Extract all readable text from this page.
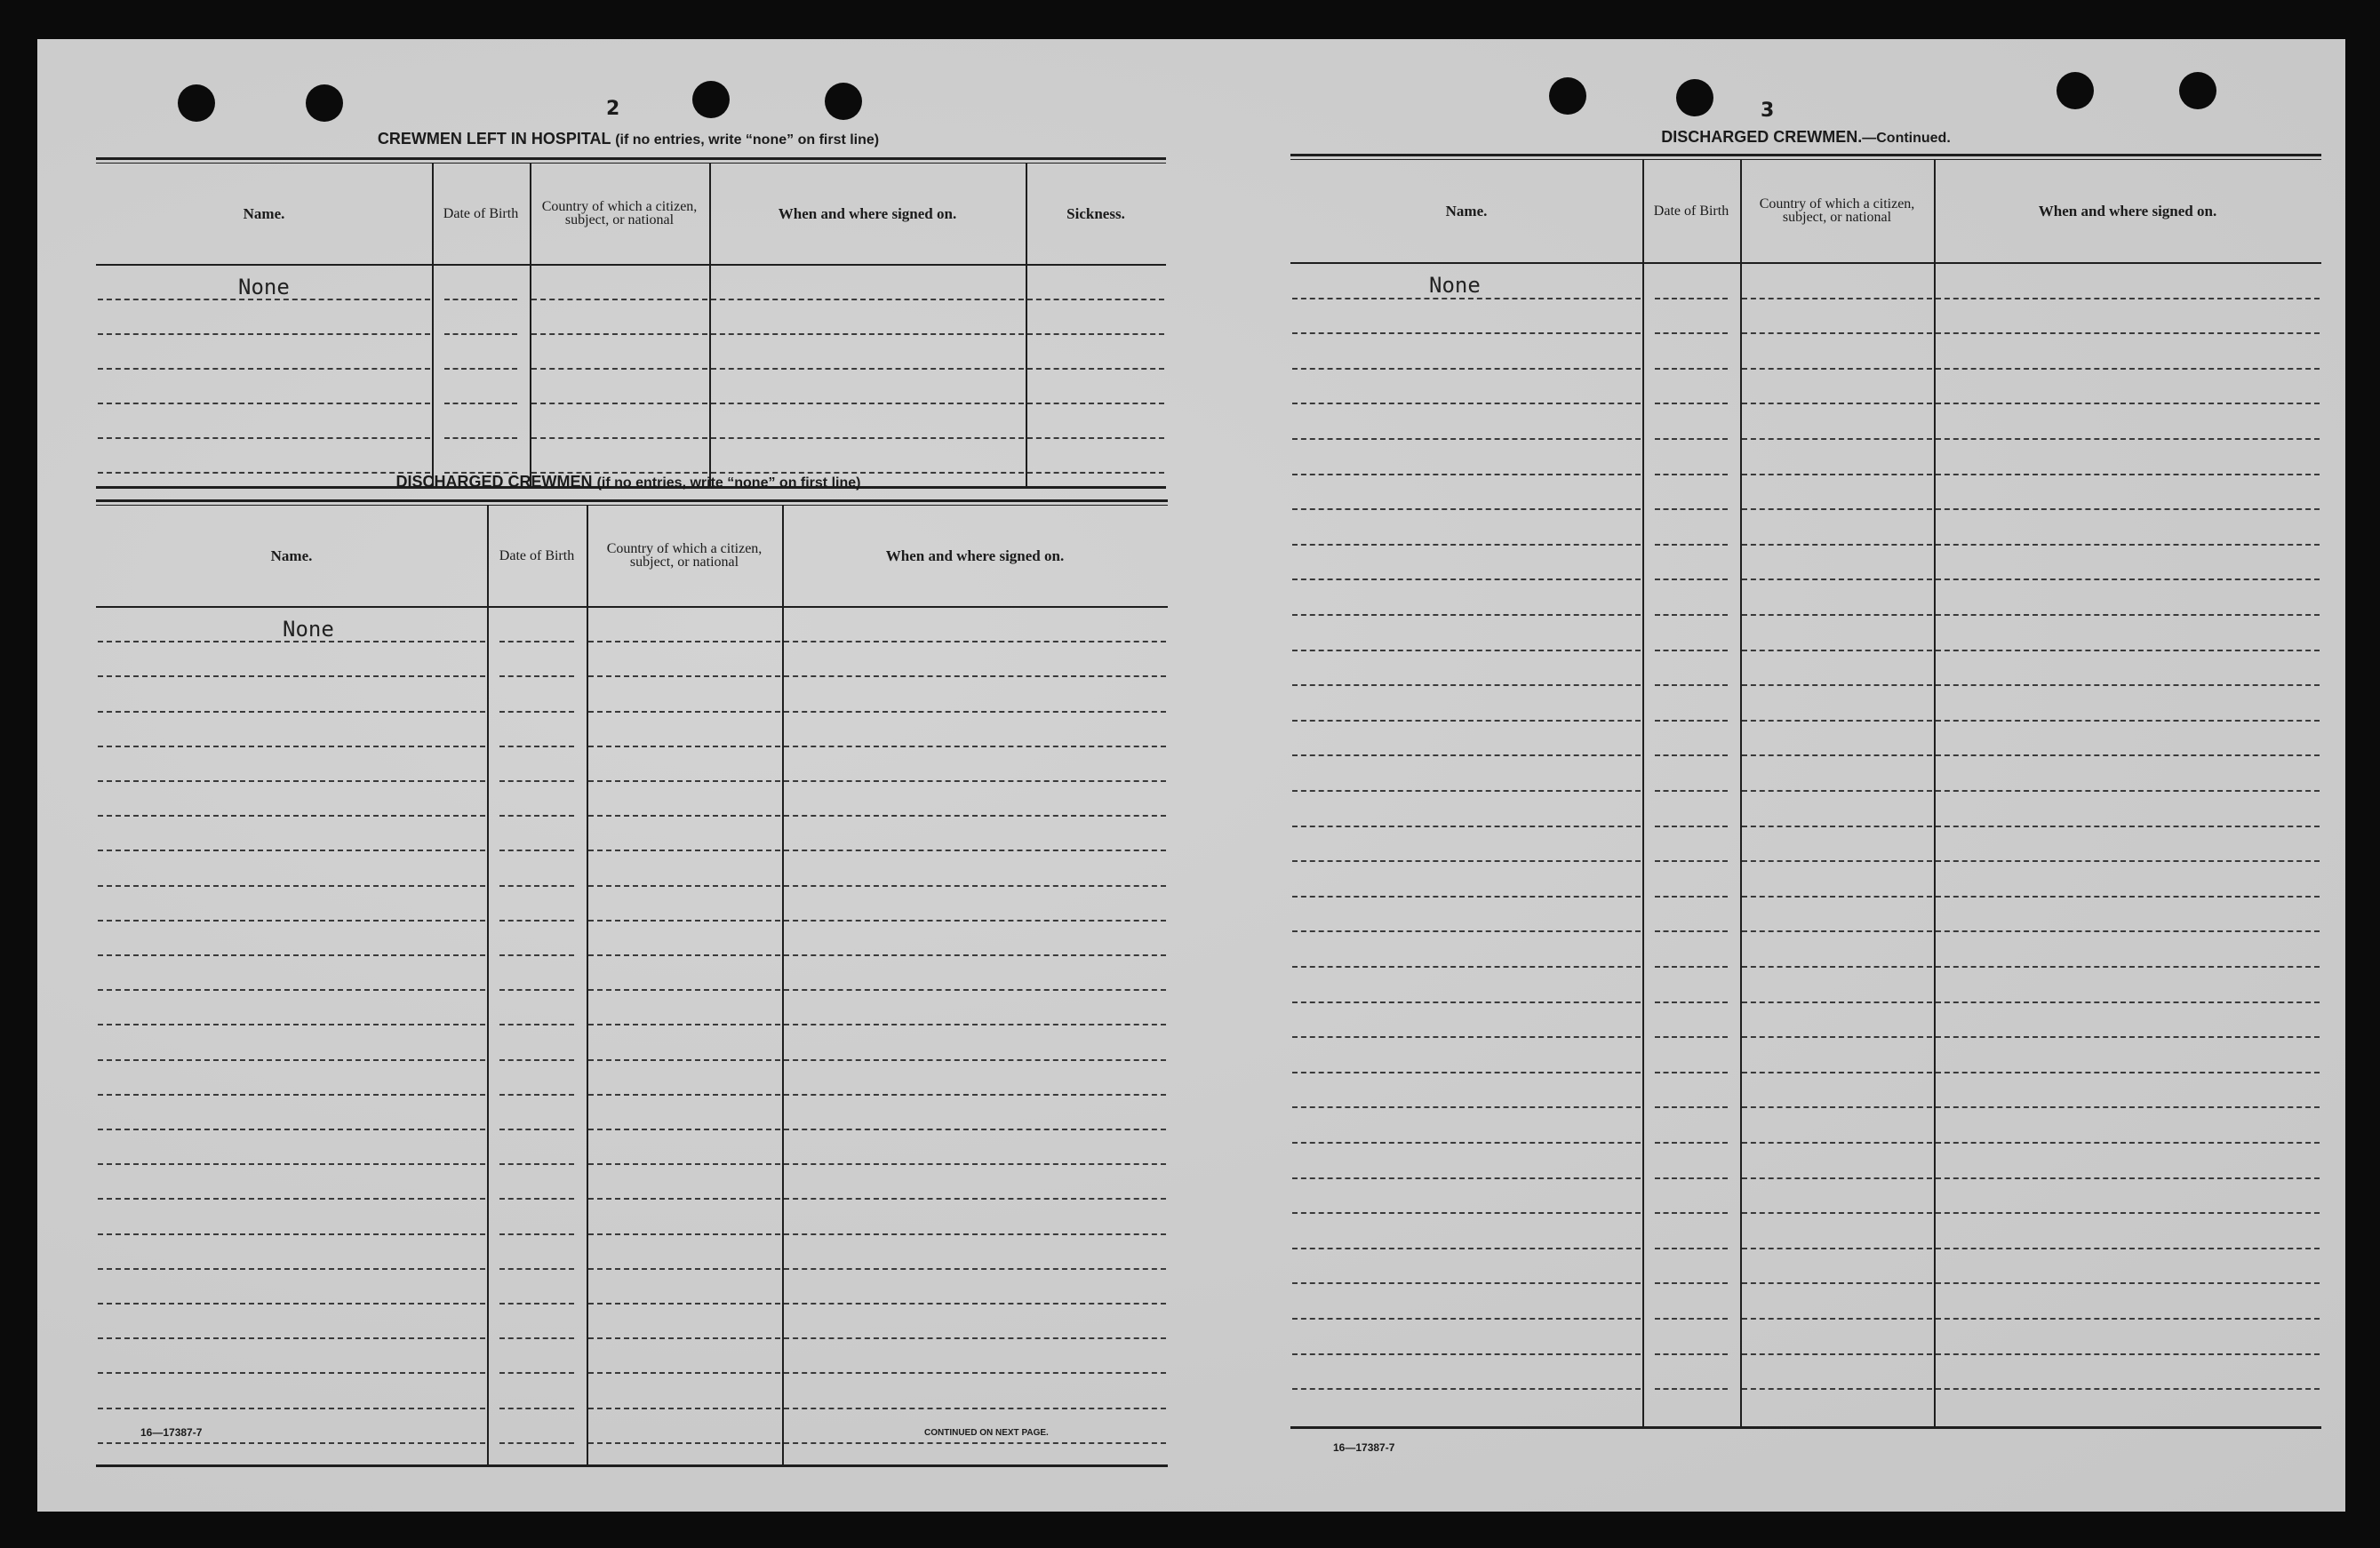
2
CREWMEN LEFT IN HOSPITAL (if no entries, write “none” on first line)
Name.	Date of Birth	Country of which a citizen, subject, or national	When and where signed on.	Sickness.
None
DISCHARGED CREWMEN (if no entries, write “none” on first line)
Name.	Date of Birth	Country of which a citizen, subject, or national	When and where signed on.
None
16—17387-7	CONTINUED ON NEXT PAGE.
3
DISCHARGED CREWMEN.—Continued.
Name.	Date of Birth	Country of which a citizen, subject, or national	When and where signed on.
None
16—17387-7
